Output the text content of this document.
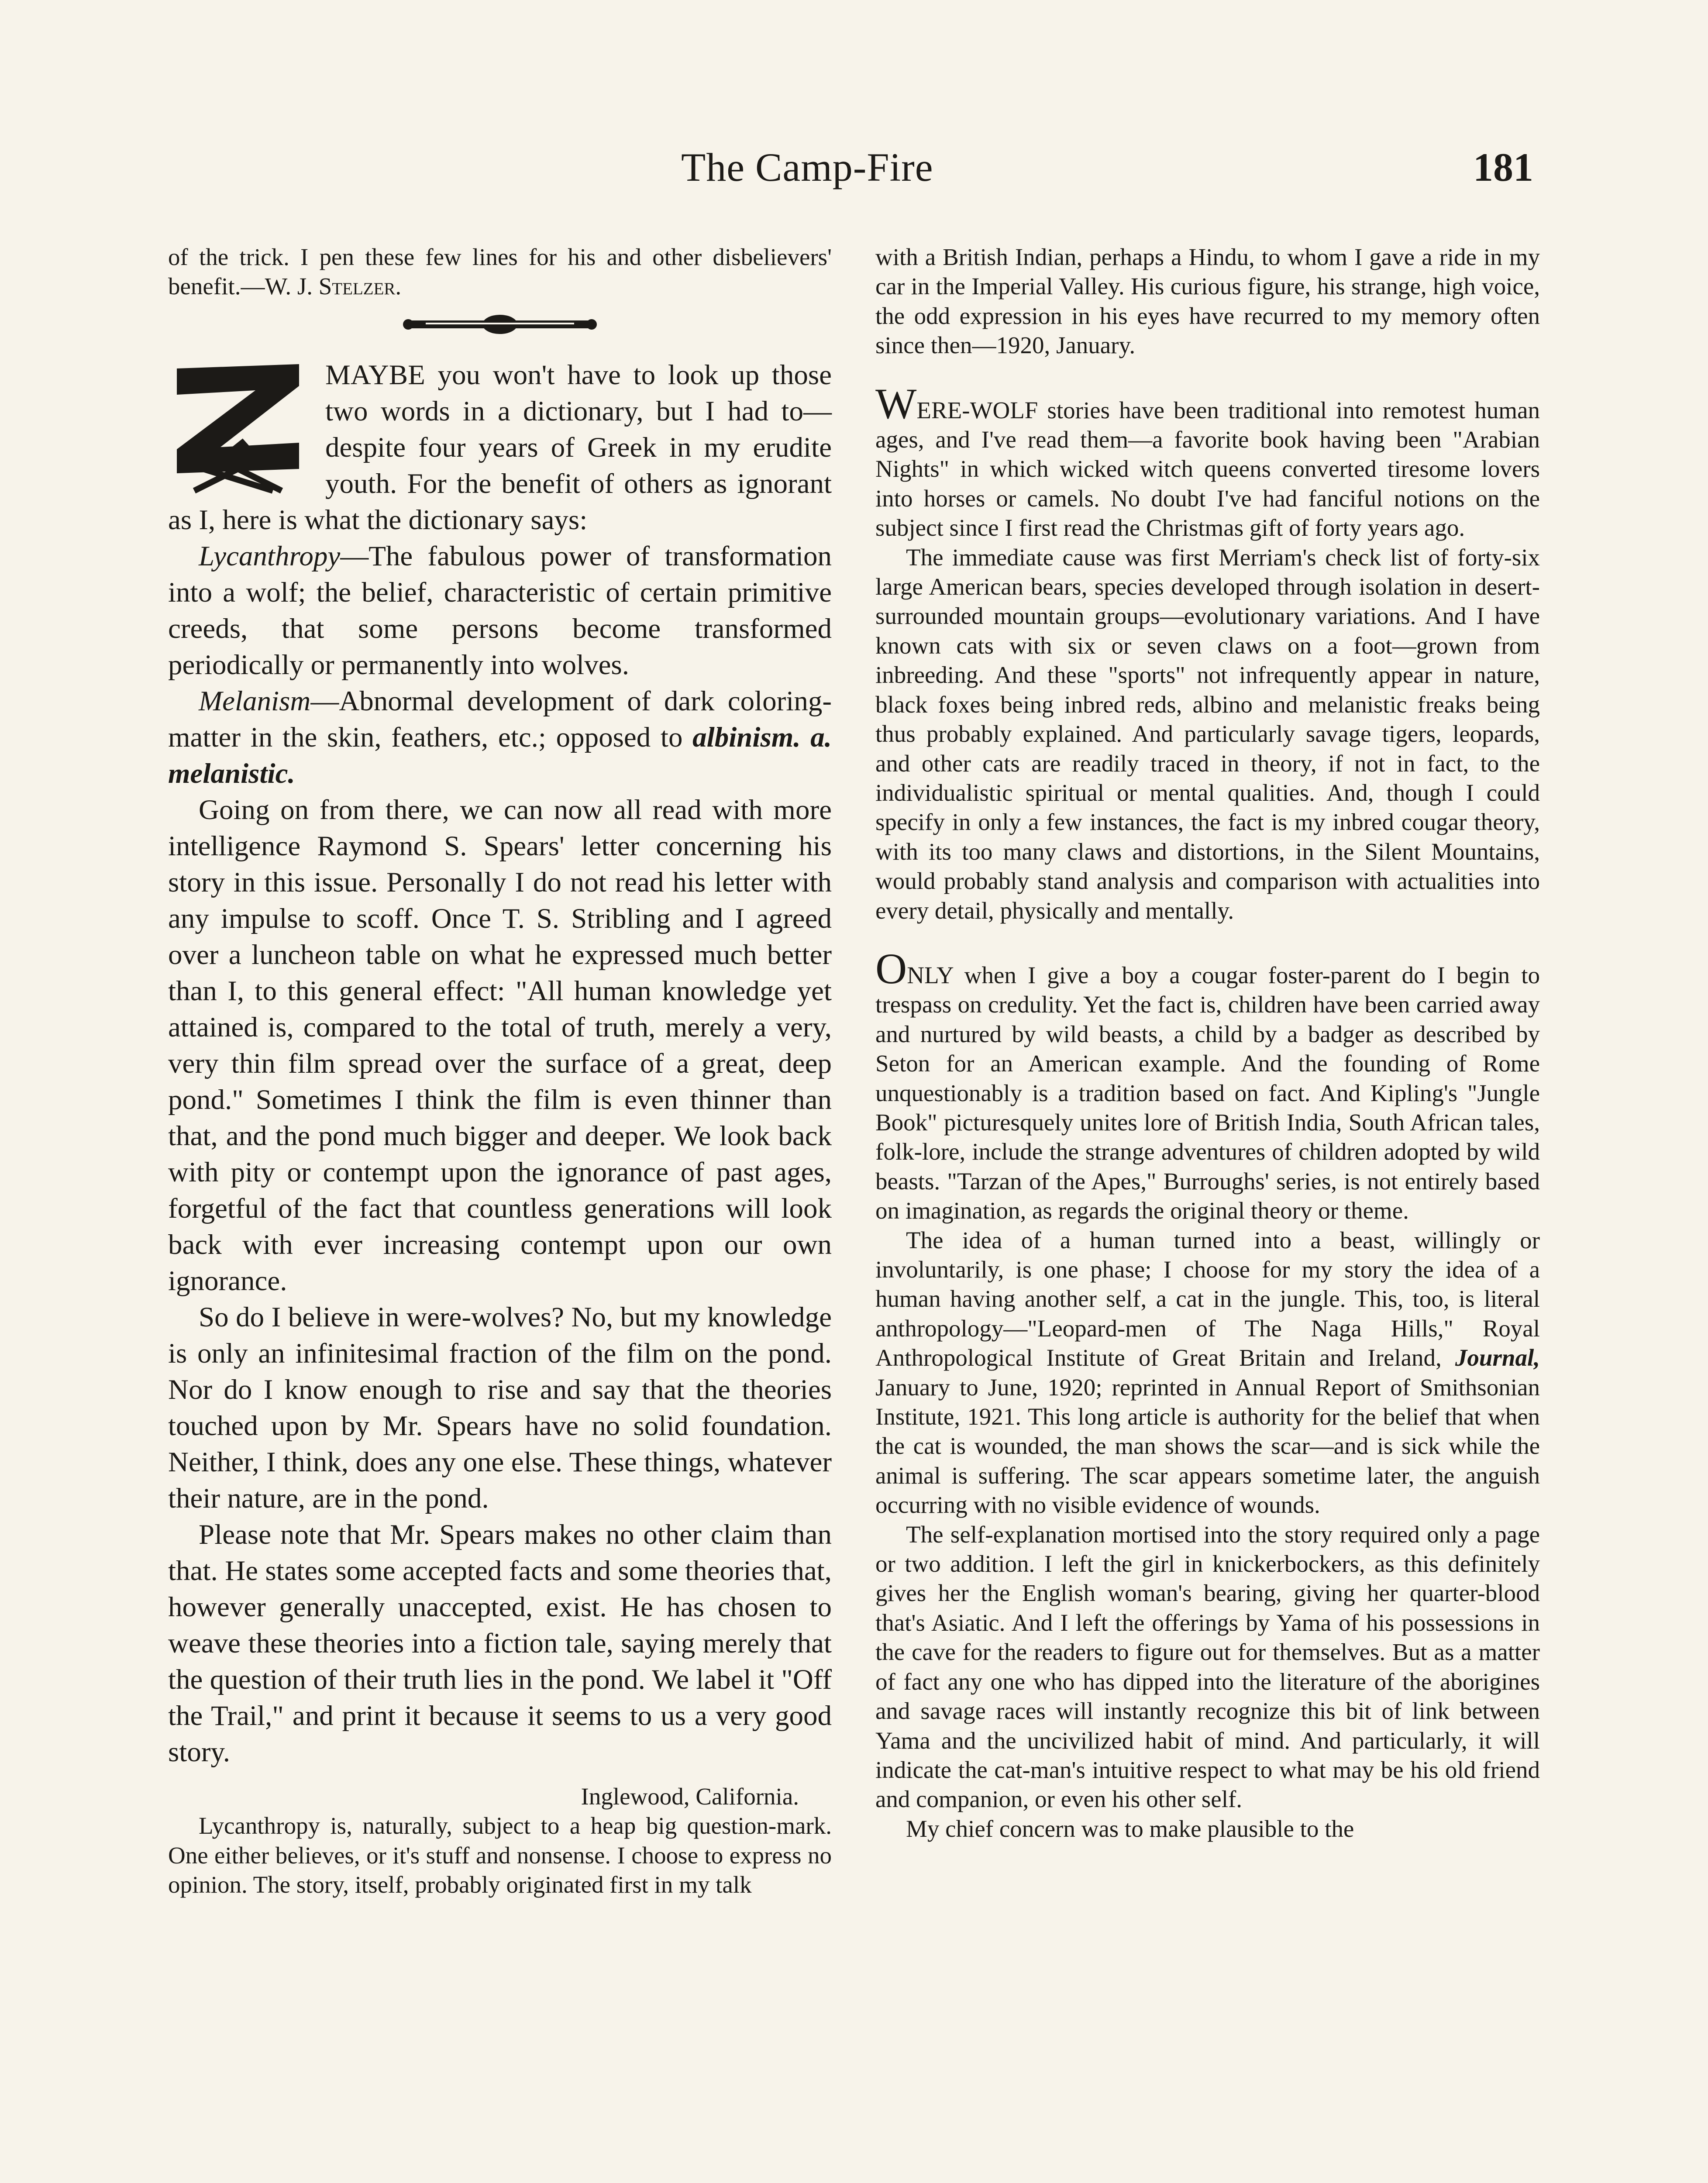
The Camp-Fire	181

of the trick. I pen these few lines for his and other disbelievers' benefit.—W. J. Stelzer.

MAYBE you won't have to look up those two words in a dictionary, but I had to—despite four years of Greek in my erudite youth. For the benefit of others as ignorant as I, here is what the dictionary says:

Lycanthropy—The fabulous power of transformation into a wolf; the belief, characteristic of certain primitive creeds, that some persons become transformed periodically or permanently into wolves.

Melanism—Abnormal development of dark coloring-matter in the skin, feathers, etc.; opposed to albinism. a. melanistic.

Going on from there, we can now all read with more intelligence Raymond S. Spears' letter concerning his story in this issue. Personally I do not read his letter with any impulse to scoff. Once T. S. Stribling and I agreed over a luncheon table on what he expressed much better than I, to this general effect: "All human knowledge yet attained is, compared to the total of truth, merely a very, very thin film spread over the surface of a great, deep pond." Sometimes I think the film is even thinner than that, and the pond much bigger and deeper. We look back with pity or contempt upon the ignorance of past ages, forgetful of the fact that countless generations will look back with ever increasing contempt upon our own ignorance.

So do I believe in were-wolves? No, but my knowledge is only an infinitesimal fraction of the film on the pond. Nor do I know enough to rise and say that the theories touched upon by Mr. Spears have no solid foundation. Neither, I think, does any one else. These things, whatever their nature, are in the pond.

Please note that Mr. Spears makes no other claim than that. He states some accepted facts and some theories that, however generally unaccepted, exist. He has chosen to weave these theories into a fiction tale, saying merely that the question of their truth lies in the pond. We label it "Off the Trail," and print it because it seems to us a very good story.

Inglewood, California.

Lycanthropy is, naturally, subject to a heap big question-mark. One either believes, or it's stuff and nonsense. I choose to express no opinion. The story, itself, probably originated first in my talk

with a British Indian, perhaps a Hindu, to whom I gave a ride in my car in the Imperial Valley. His curious figure, his strange, high voice, the odd expression in his eyes have recurred to my memory often since then—1920, January.

WERE-WOLF stories have been traditional into remotest human ages, and I've read them—a favorite book having been "Arabian Nights" in which wicked witch queens converted tiresome lovers into horses or camels. No doubt I've had fanciful notions on the subject since I first read the Christmas gift of forty years ago.

The immediate cause was first Merriam's check list of forty-six large American bears, species developed through isolation in desert-surrounded mountain groups—evolutionary variations. And I have known cats with six or seven claws on a foot—grown from inbreeding. And these "sports" not infrequently appear in nature, black foxes being inbred reds, albino and melanistic freaks being thus probably explained. And particularly savage tigers, leopards, and other cats are readily traced in theory, if not in fact, to the individualistic spiritual or mental qualities. And, though I could specify in only a few instances, the fact is my inbred cougar theory, with its too many claws and distortions, in the Silent Mountains, would probably stand analysis and comparison with actualities into every detail, physically and mentally.

ONLY when I give a boy a cougar foster-parent do I begin to trespass on credulity. Yet the fact is, children have been carried away and nurtured by wild beasts, a child by a badger as described by Seton for an American example. And the founding of Rome unquestionably is a tradition based on fact. And Kipling's "Jungle Book" picturesquely unites lore of British India, South African tales, folk-lore, include the strange adventures of children adopted by wild beasts. "Tarzan of the Apes," Burroughs' series, is not entirely based on imagination, as regards the original theory or theme.

The idea of a human turned into a beast, willingly or involuntarily, is one phase; I choose for my story the idea of a human having another self, a cat in the jungle. This, too, is literal anthropology—"Leopard-men of The Naga Hills," Royal Anthropological Institute of Great Britain and Ireland, Journal, January to June, 1920; reprinted in Annual Report of Smithsonian Institute, 1921. This long article is authority for the belief that when the cat is wounded, the man shows the scar—and is sick while the animal is suffering. The scar appears sometime later, the anguish occurring with no visible evidence of wounds.

The self-explanation mortised into the story required only a page or two addition. I left the girl in knickerbockers, as this definitely gives her the English woman's bearing, giving her quarter-blood that's Asiatic. And I left the offerings by Yama of his possessions in the cave for the readers to figure out for themselves. But as a matter of fact any one who has dipped into the literature of the aborigines and savage races will instantly recognize this bit of link between Yama and the uncivilized habit of mind. And particularly, it will indicate the cat-man's intuitive respect to what may be his old friend and companion, or even his other self.

My chief concern was to make plausible to the
